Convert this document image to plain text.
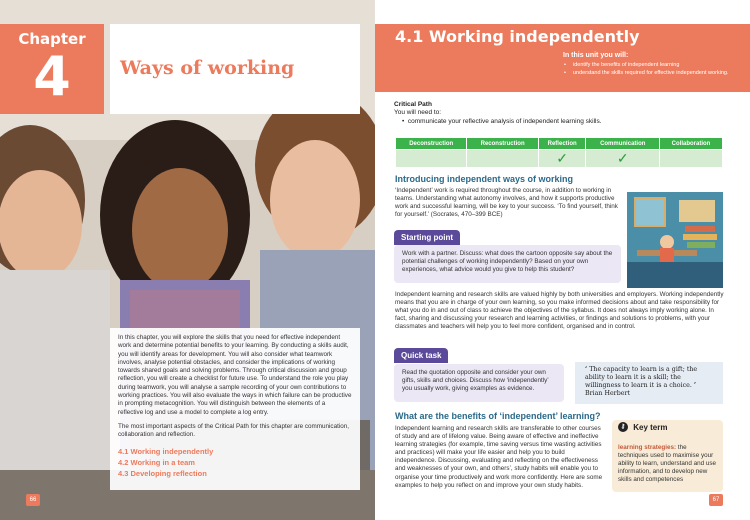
Chapter
4	Ways of working

In this chapter, you will explore the skills that you need for effective independent work and determine potential benefits to your learning. By conducting a skills audit, you will identify areas for development. You will also consider what teamwork involves, analyse potential obstacles, and consider the implications of working towards shared goals and solving problems. Through critical discussion and group reflection, you will create a checklist for future use. To understand the role you play during teamwork, you will analyse a sample recording of your own contributions to working practices. You will also evaluate the ways in which failure can be productive in prompting metacognition. You will distinguish between the elements of a reflective log and use a model to complete a log entry.

The most important aspects of the Critical Path for this chapter are communication, collaboration and reflection.

4.1 Working independently
4.2 Working in a team
4.3 Developing reflection
66
4.1 Working independently
In this unit you will:
• identify the benefits of independent learning
• understand the skills required for effective independent working.
Critical Path
You will need to:
•  communicate your reflective analysis of independent learning skills.
Deconstruction	Reconstruction	Reflection	Communication	Collaboration
		✓	✓	
Introducing independent ways of working
‘Independent’ work is required throughout the course, in addition to working in teams. Understanding what autonomy involves, and how it supports productive work and successful learning, will be key to your success. ‘To find yourself, think for yourself.’ (Socrates, 470–399 BCE)
Starting point
Work with a partner. Discuss: what does the cartoon opposite say about the potential challenges of working independently? Based on your own experiences, what advice would you give to help this student?
Independent learning and research skills are valued highly by both universities and employers. Working independently means that you are in charge of your own learning, so you make informed decisions about and take responsibility for what you do in and out of class to achieve the objectives of the syllabus. It does not always imply working alone. In fact, sharing and discussing your research and learning activities, or findings and solutions to problems, with your classmates and teachers will help you to feel more confident, organised and in control.
Quick task
Read the quotation opposite and consider your own gifts, skills and choices. Discuss how ‘independently’ you usually work, giving examples as evidence.
‘ The capacity to learn is a gift; the ability to learn it is a skill; the willingness to learn it is a choice. ’
Brian Herbert
What are the benefits of ‘independent’ learning?
Independent learning and research skills are transferable to other courses of study and are of lifelong value. Being aware of effective and ineffective learning strategies (for example, time saving versus time wasting activities and practices) will make your life easier and help you to build independence. Discussing, evaluating and reflecting on the effectiveness and weaknesses of your own, and others’, study habits will enable you to organise your time productively and work more confidently. Here are some examples to help you reflect on and improve your own study habits.
learning strategies: the techniques used to maximise your ability to learn, understand and use information, and to develop new skills and competences
⚷ Key term
67
